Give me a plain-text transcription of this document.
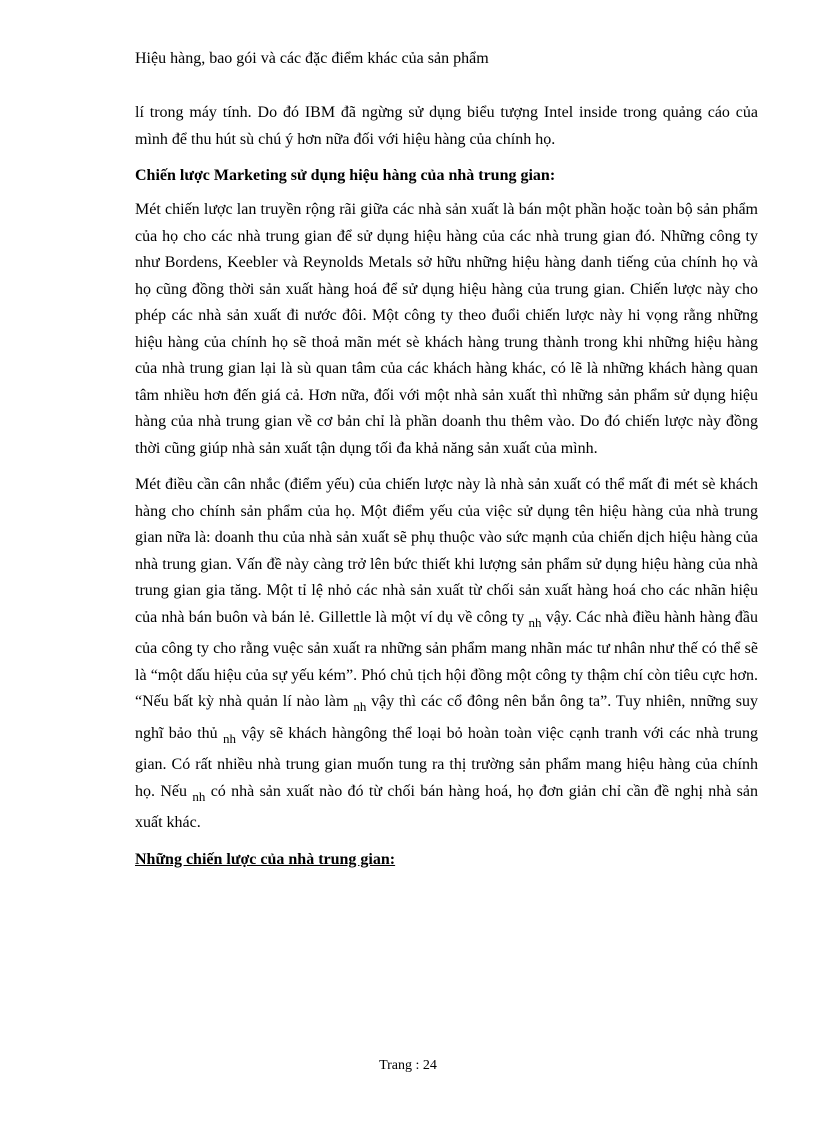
Hiệu hàng, bao gói và các đặc điểm khác của sản phẩm

lí trong máy tính. Do đó IBM đã ngừng sử dụng biểu tượng Intel inside trong quảng cáo của mình để thu hút sù chú ý hơn nữa đối với hiệu hàng của chính họ.

Chiến lược Marketing sử dụng hiệu hàng của nhà trung gian:

Mét chiến lược lan truyền rộng rãi giữa các nhà sản xuất là bán một phần hoặc toàn bộ sản phẩm của họ cho các nhà trung gian để sử dụng hiệu hàng của các nhà trung gian đó. Những công ty như Bordens, Keebler và Reynolds Metals sở hữu những hiệu hàng danh tiếng của chính họ và họ cũng đồng thời sản xuất hàng hoá để sử dụng hiệu hàng của trung gian. Chiến lược này cho phép các nhà sản xuất đi nước đôi. Một công ty theo đuổi chiến lược này hi vọng rằng những hiệu hàng của chính họ sẽ thoả mãn mét sè khách hàng trung thành trong khi những hiệu hàng của nhà trung gian lại là sù quan tâm của các khách hàng khác, có lẽ là những khách hàng quan tâm nhiều hơn đến giá cả. Hơn nữa, đối với một nhà sản xuất thì những sản phẩm sử dụng hiệu hàng của nhà trung gian về cơ bản chỉ là phần doanh thu thêm vào. Do đó chiến lược này đồng thời cũng giúp nhà sản xuất tận dụng tối đa khả năng sản xuất của mình.

Mét điều cần cân nhắc (điểm yếu) của chiến lược này là nhà sản xuất có thể mất đi mét sè khách hàng cho chính sản phẩm của họ. Một điểm yếu của việc sử dụng tên hiệu hàng của nhà trung gian nữa là: doanh thu của nhà sản xuất sẽ phụ thuộc vào sức mạnh của chiến dịch hiệu hàng của nhà trung gian. Vấn đề này càng trở lên bức thiết khi lượng sản phẩm sử dụng hiệu hàng của nhà trung gian gia tăng. Một tỉ lệ nhỏ các nhà sản xuất từ chối sản xuất hàng hoá cho các nhãn hiệu của nhà bán buôn và bán lẻ. Gillettle là một ví dụ về công ty $_{nh}$ vậy. Các nhà điều hành hàng đầu của công ty cho rằng vuệc sản xuất ra những sản phẩm mang nhãn mác tư nhân như thế có thể sẽ là “một dấu hiệu của sự yếu kém”. Phó chủ tịch hội đồng một công ty thậm chí còn tiêu cực hơn. “Nếu bất kỳ nhà quản lí nào làm $_{nh}$ vậy thì các cổ đông nên bắn ông ta”. Tuy nhiên, nnững suy nghĩ bảo thủ $_{nh}$ vậy sẽ khách hàngông thể loại bỏ hoàn toàn việc cạnh tranh với các nhà trung gian. Có rất nhiều nhà trung gian muốn tung ra thị trường sản phẩm mang hiệu hàng của chính họ. Nếu $_{nh}$ có nhà sản xuất nào đó từ chối bán hàng hoá, họ đơn giản chỉ cần đề nghị nhà sản xuất khác.

Những chiến lược của nhà trung gian:
Trang : 24
